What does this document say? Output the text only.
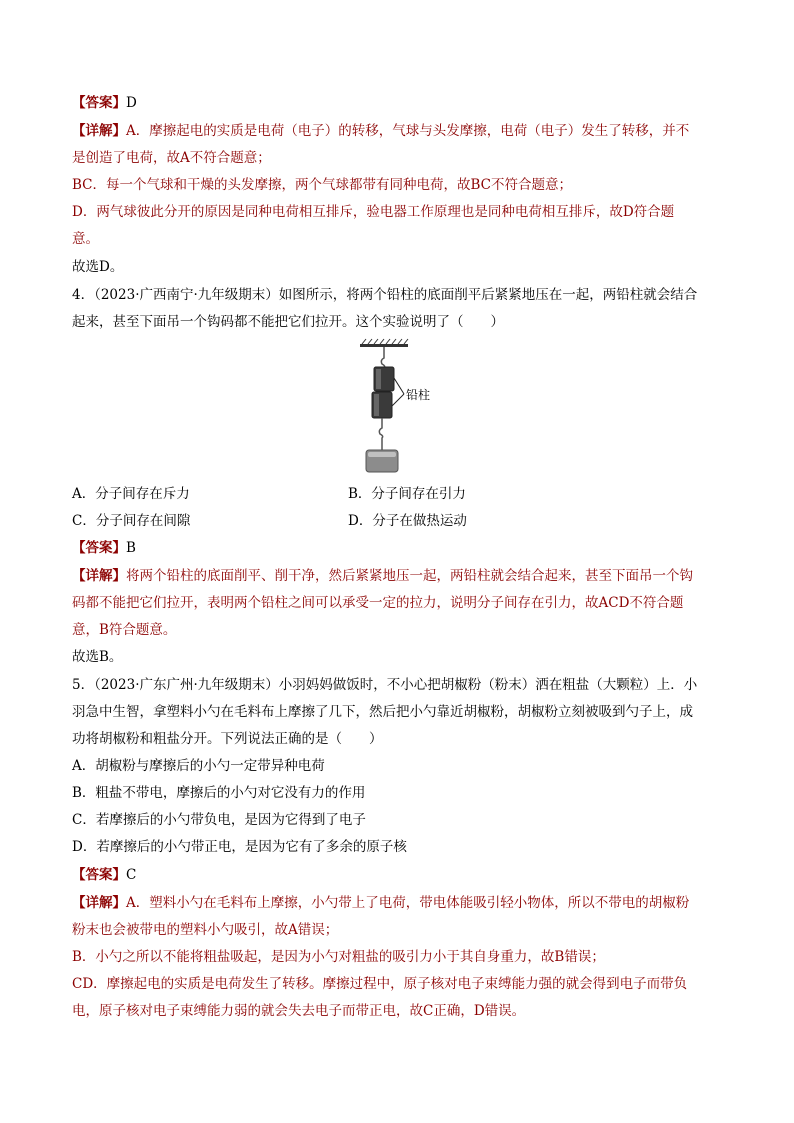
【答案】D
【详解】A．摩擦起电的实质是电荷（电子）的转移，气球与头发摩擦，电荷（电子）发生了转移，并不
是创造了电荷，故A不符合题意；
BC．每一个气球和干燥的头发摩擦，两个气球都带有同种电荷，故BC不符合题意；
D．两气球彼此分开的原因是同种电荷相互排斥，验电器工作原理也是同种电荷相互排斥，故D符合题
意。
故选D。
4．（2023·广西南宁·九年级期末）如图所示，将两个铅柱的底面削平后紧紧地压在一起，两铅柱就会结合
起来，甚至下面吊一个钩码都不能把它们拉开。这个实验说明了（　　）
铅柱
A．分子间存在斥力	B．分子间存在引力
C．分子间存在间隙	D．分子在做热运动
【答案】B
【详解】将两个铅柱的底面削平、削干净，然后紧紧地压一起，两铅柱就会结合起来，甚至下面吊一个钩
码都不能把它们拉开，表明两个铅柱之间可以承受一定的拉力，说明分子间存在引力，故ACD不符合题
意，B符合题意。
故选B。
5．（2023·广东广州·九年级期末）小羽妈妈做饭时，不小心把胡椒粉（粉末）洒在粗盐（大颗粒）上．小
羽急中生智，拿塑料小勺在毛料布上摩擦了几下，然后把小勺靠近胡椒粉，胡椒粉立刻被吸到勺子上，成
功将胡椒粉和粗盐分开。下列说法正确的是（　　）
A．胡椒粉与摩擦后的小勺一定带异种电荷
B．粗盐不带电，摩擦后的小勺对它没有力的作用
C．若摩擦后的小勺带负电，是因为它得到了电子
D．若摩擦后的小勺带正电，是因为它有了多余的原子核
【答案】C
【详解】A．塑料小勺在毛料布上摩擦，小勺带上了电荷，带电体能吸引轻小物体，所以不带电的胡椒粉
粉末也会被带电的塑料小勺吸引，故A错误；
B．小勺之所以不能将粗盐吸起，是因为小勺对粗盐的吸引力小于其自身重力，故B错误；
CD．摩擦起电的实质是电荷发生了转移。摩擦过程中，原子核对电子束缚能力强的就会得到电子而带负
电，原子核对电子束缚能力弱的就会失去电子而带正电，故C正确，D错误。
